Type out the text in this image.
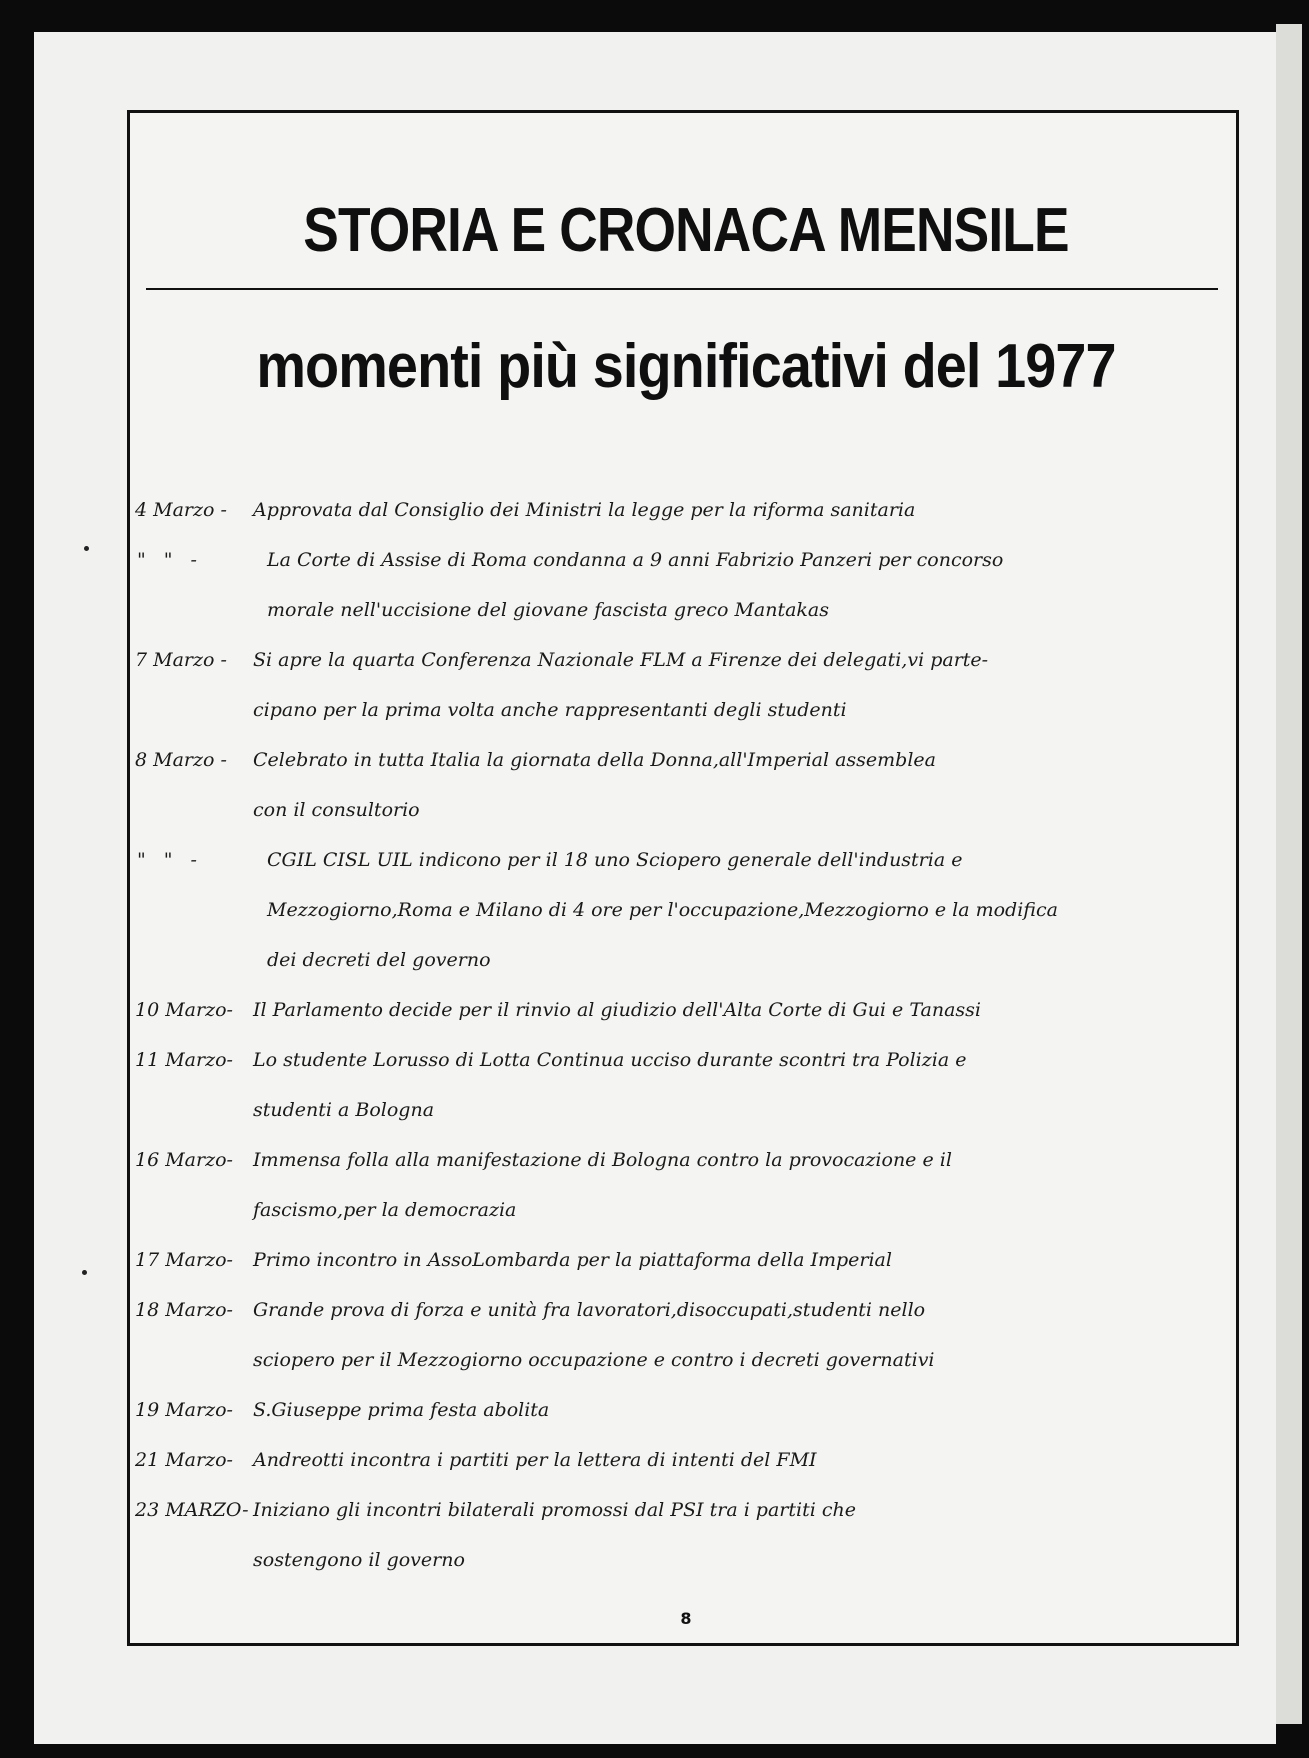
STORIA E CRONACA MENSILE
momenti più significativi del 1977
4 Marzo - Approvata dal Consiglio dei Ministri la legge per la riforma sanitaria
" " -	La Corte di Assise di Roma condanna a 9 anni Fabrizio Panzeri per concorso
morale nell'uccisione del giovane fascista greco Mantakas
7 Marzo - Si apre la quarta Conferenza Nazionale FLM a Firenze dei delegati,vi parte-
cipano per la prima volta anche rappresentanti degli studenti
8 Marzo - Celebrato in tutta Italia la giornata della Donna,all'Imperial assemblea
con il consultorio
" " -	CGIL CISL UIL indicono per il 18 uno Sciopero generale dell'industria e
Mezzogiorno,Roma e Milano di 4 ore per l'occupazione,Mezzogiorno e la modifica
dei decreti del governo
10 Marzo- Il Parlamento decide per il rinvio al giudizio dell'Alta Corte di Gui e Tanassi
11 Marzo- Lo studente Lorusso di Lotta Continua ucciso durante scontri tra Polizia e
studenti a Bologna
16 Marzo- Immensa folla alla manifestazione di Bologna contro la provocazione e il
fascismo,per la democrazia
17 Marzo- Primo incontro in AssoLombarda per la piattaforma della Imperial
18 Marzo- Grande prova di forza e unità fra lavoratori,disoccupati,studenti nello
sciopero per il Mezzogiorno occupazione e contro i decreti governativi
19 Marzo- S.Giuseppe prima festa abolita
21 Marzo- Andreotti incontra i partiti per la lettera di intenti del FMI
23 MARZO- Iniziano gli incontri bilaterali promossi dal PSI tra i partiti che
sostengono il governo
8
